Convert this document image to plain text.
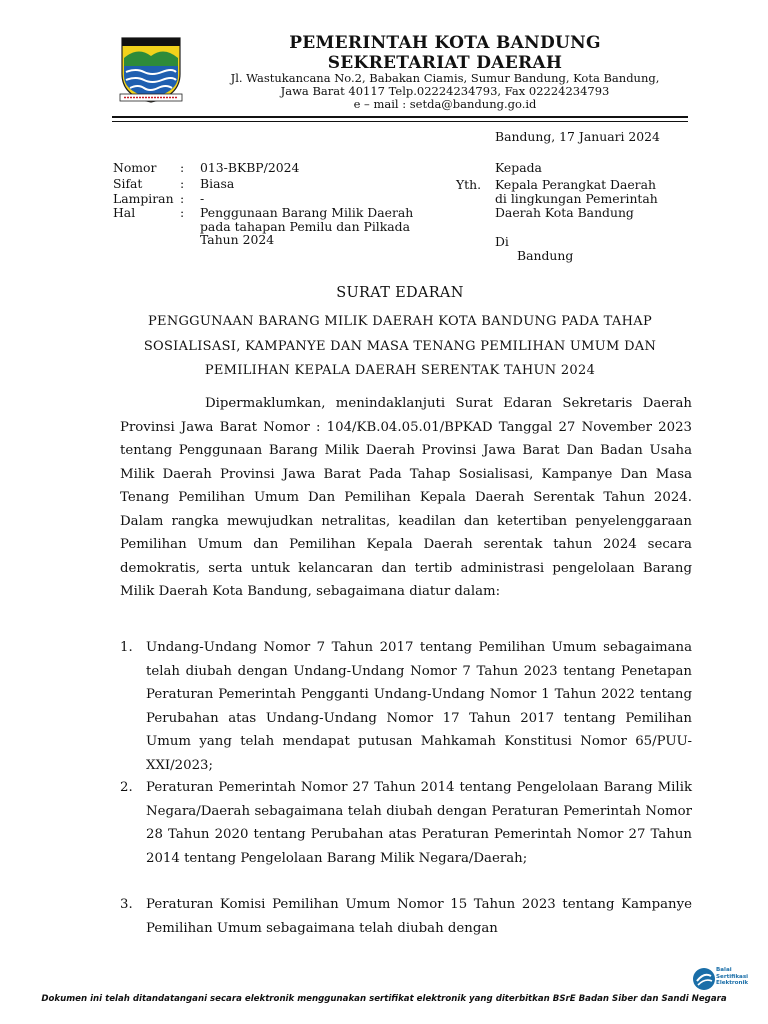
PEMERINTAH KOTA BANDUNG
SEKRETARIAT DAERAH
Jl. Wastukancana No.2, Babakan Ciamis, Sumur Bandung, Kota Bandung,
Jawa Barat 40117 Telp.02224234793, Fax 02224234793
e – mail : setda@bandung.go.id
Bandung, 17 Januari 2024
Nomor : 013-BKBP/2024
Sifat	: Biasa
Lampiran : -
Hal	: Penggunaan Barang Milik Daerah
pada tahapan Pemilu dan Pilkada
Tahun 2024
Kepada
Yth. Kepala Perangkat Daerah
di lingkungan Pemerintah
Daerah Kota Bandung
Di
Bandung
SURAT EDARAN
PENGGUNAAN BARANG MILIK DAERAH KOTA BANDUNG PADA TAHAP
SOSIALISASI, KAMPANYE DAN MASA TENANG PEMILIHAN UMUM DAN
PEMILIHAN KEPALA DAERAH SERENTAK TAHUN 2024

Dipermaklumkan, menindaklanjuti Surat Edaran Sekretaris Daerah Provinsi Jawa Barat Nomor : 104/KB.04.05.01/BPKAD Tanggal 27 November 2023 tentang Penggunaan Barang Milik Daerah Provinsi Jawa Barat Dan Badan Usaha Milik Daerah Provinsi Jawa Barat Pada Tahap Sosialisasi, Kampanye Dan Masa Tenang Pemilihan Umum Dan Pemilihan Kepala Daerah Serentak Tahun 2024. Dalam rangka mewujudkan netralitas, keadilan dan ketertiban penyelenggaraan Pemilihan Umum dan Pemilihan Kepala Daerah serentak tahun 2024 secara demokratis, serta untuk kelancaran dan tertib administrasi pengelolaan Barang Milik Daerah Kota Bandung, sebagaimana diatur dalam:

1. Undang-Undang Nomor 7 Tahun 2017 tentang Pemilihan Umum sebagaimana telah diubah dengan Undang-Undang Nomor 7 Tahun 2023 tentang Penetapan Peraturan Pemerintah Pengganti Undang-Undang Nomor 1 Tahun 2022 tentang Perubahan atas Undang-Undang Nomor 17 Tahun 2017 tentang Pemilihan Umum yang telah mendapat putusan Mahkamah Konstitusi Nomor 65/PUU-XXI/2023;
2. Peraturan Pemerintah Nomor 27 Tahun 2014 tentang Pengelolaan Barang Milik Negara/Daerah sebagaimana telah diubah dengan Peraturan Pemerintah Nomor 28 Tahun 2020 tentang Perubahan atas Peraturan Pemerintah Nomor 27 Tahun 2014 tentang Pengelolaan Barang Milik Negara/Daerah;
3. Peraturan Komisi Pemilihan Umum Nomor 15 Tahun 2023 tentang Kampanye Pemilihan Umum sebagaimana telah diubah dengan
Balai Sertifikasi Elektronik
Dokumen ini telah ditandatangani secara elektronik menggunakan sertifikat elektronik yang diterbitkan BSrE Badan Siber dan Sandi Negara
